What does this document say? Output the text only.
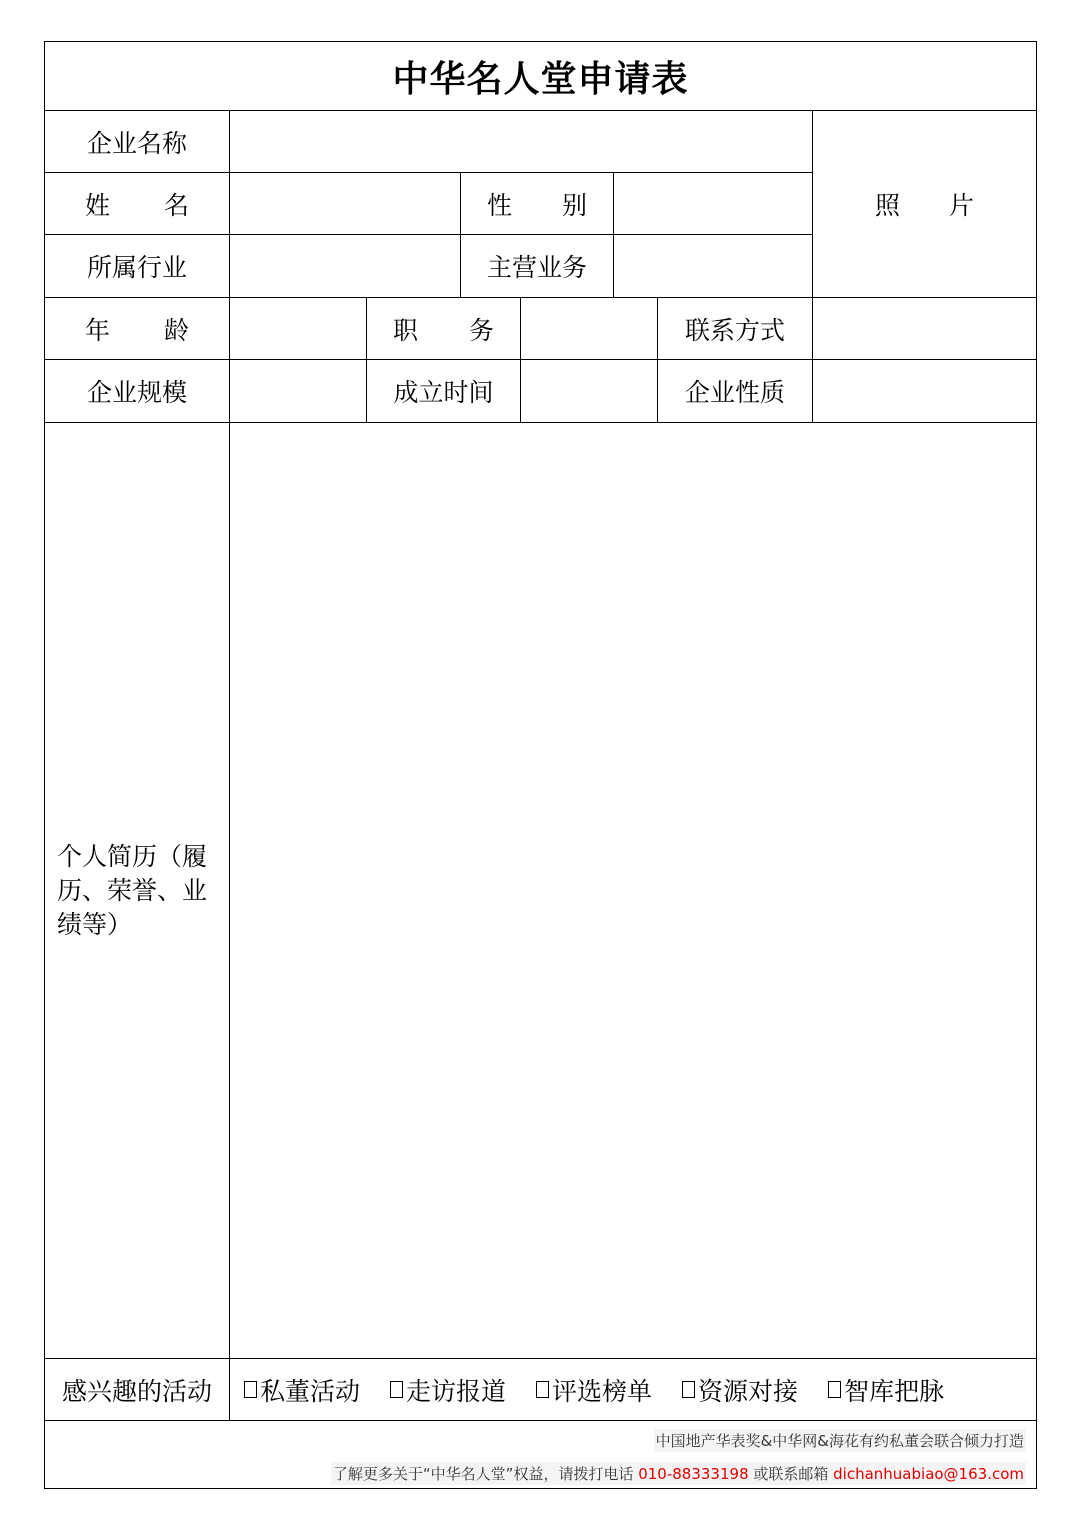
中华名人堂申请表
企业名称
照 片
姓 名	性 别
所属行业	主营业务
年 龄	职 务	联系方式
企业规模	成立时间	企业性质
个人简历（履历、荣誉、业绩等）
感兴趣的活动	私董活动 走访报道 评选榜单 资源对接 智库把脉
中国地产华表奖&中华网&海花有约私董会联合倾力打造
了解更多关于“中华名人堂”权益，请拨打电话 010-88333198 或联系邮箱 dichanhuabiao@163.com
